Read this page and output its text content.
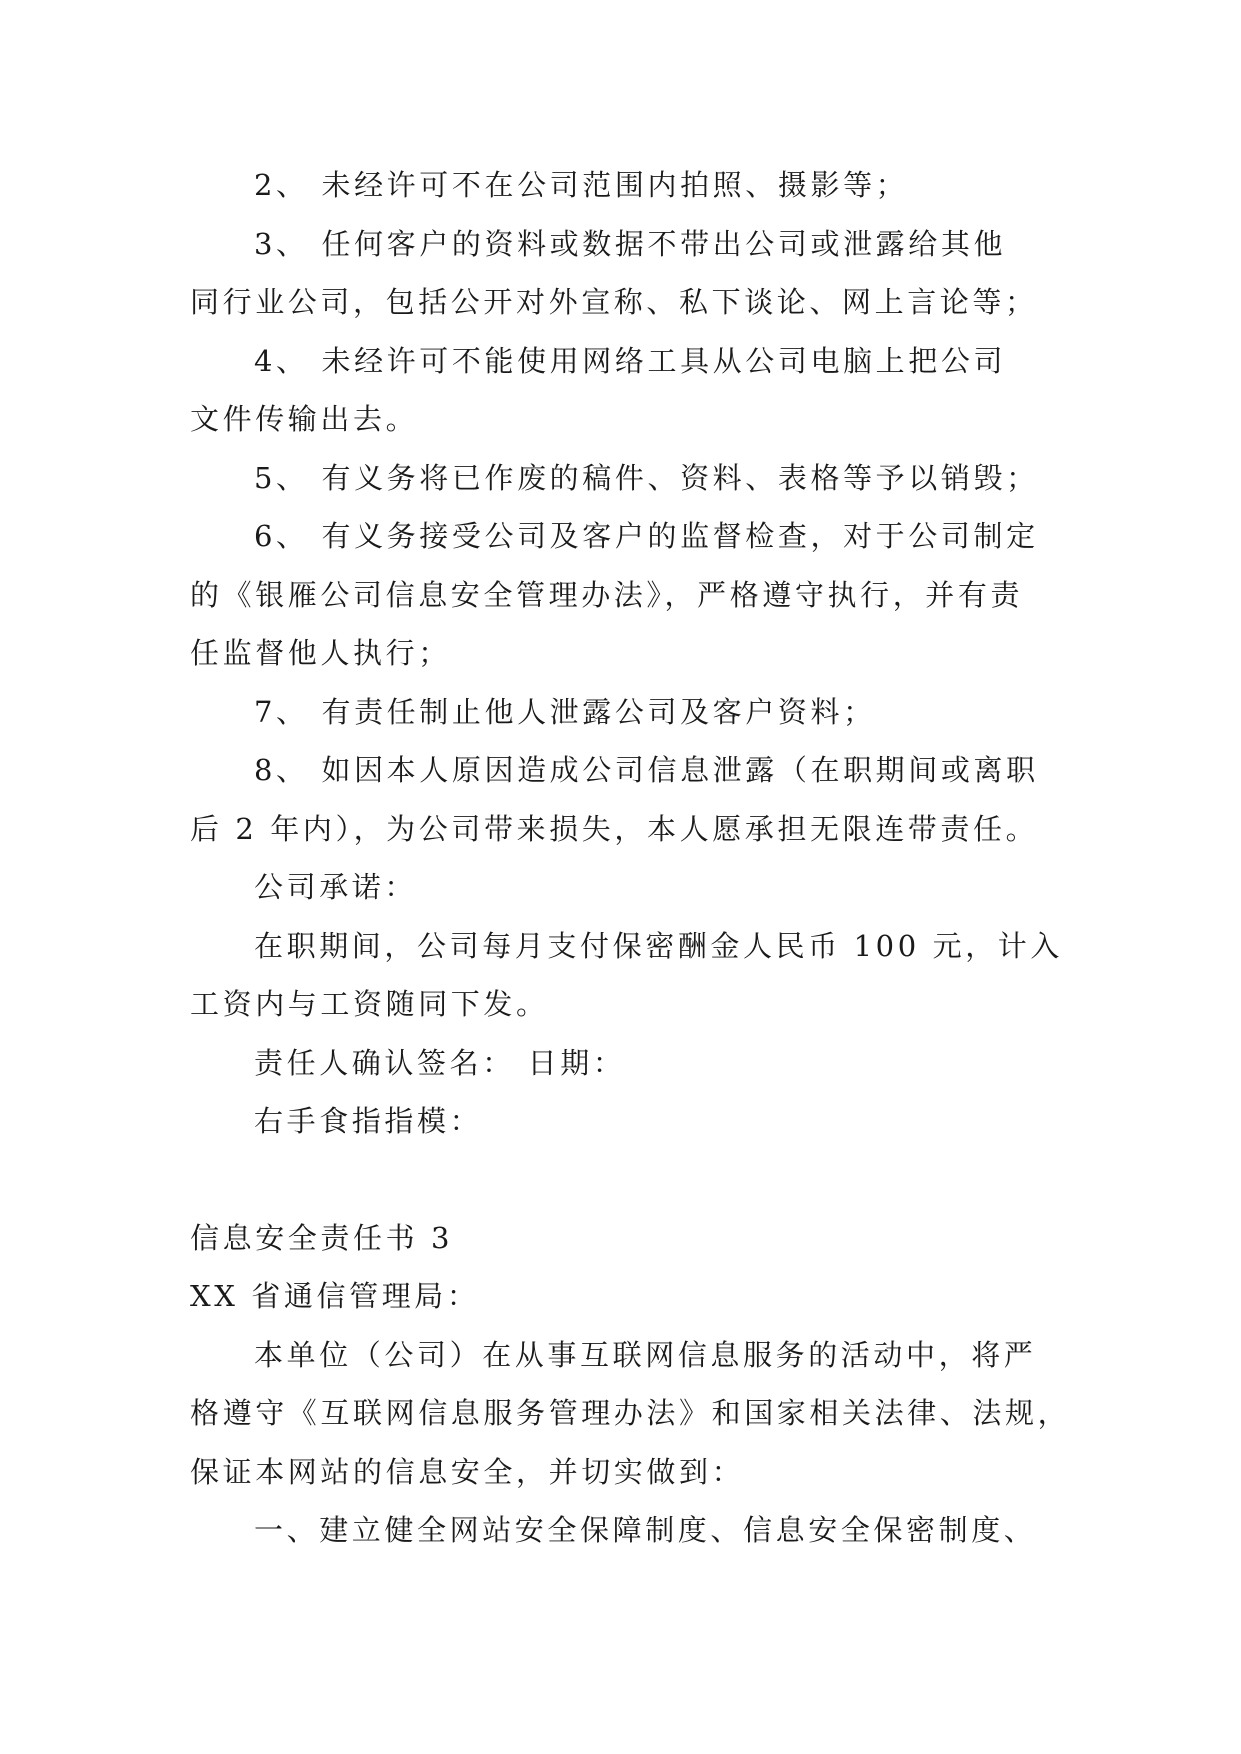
2、 未经许可不在公司范围内拍照、摄影等；

3、 任何客户的资料或数据不带出公司或泄露给其他

同行业公司，包括公开对外宣称、私下谈论、网上言论等；

4、 未经许可不能使用网络工具从公司电脑上把公司

文件传输出去。

5、 有义务将已作废的稿件、资料、表格等予以销毁；

6、 有义务接受公司及客户的监督检查，对于公司制定

的《银雁公司信息安全管理办法》，严格遵守执行，并有责

任监督他人执行；

7、 有责任制止他人泄露公司及客户资料；

8、 如因本人原因造成公司信息泄露（在职期间或离职

后 2 年内），为公司带来损失，本人愿承担无限连带责任。

公司承诺：

在职期间，公司每月支付保密酬金人民币 100 元，计入

工资内与工资随同下发。

责任人确认签名： 日期：

右手食指指模：

信息安全责任书 3

XX 省通信管理局：

本单位（公司）在从事互联网信息服务的活动中，将严

格遵守《互联网信息服务管理办法》和国家相关法律、法规，

保证本网站的信息安全，并切实做到：

一、建立健全网站安全保障制度、信息安全保密制度、
